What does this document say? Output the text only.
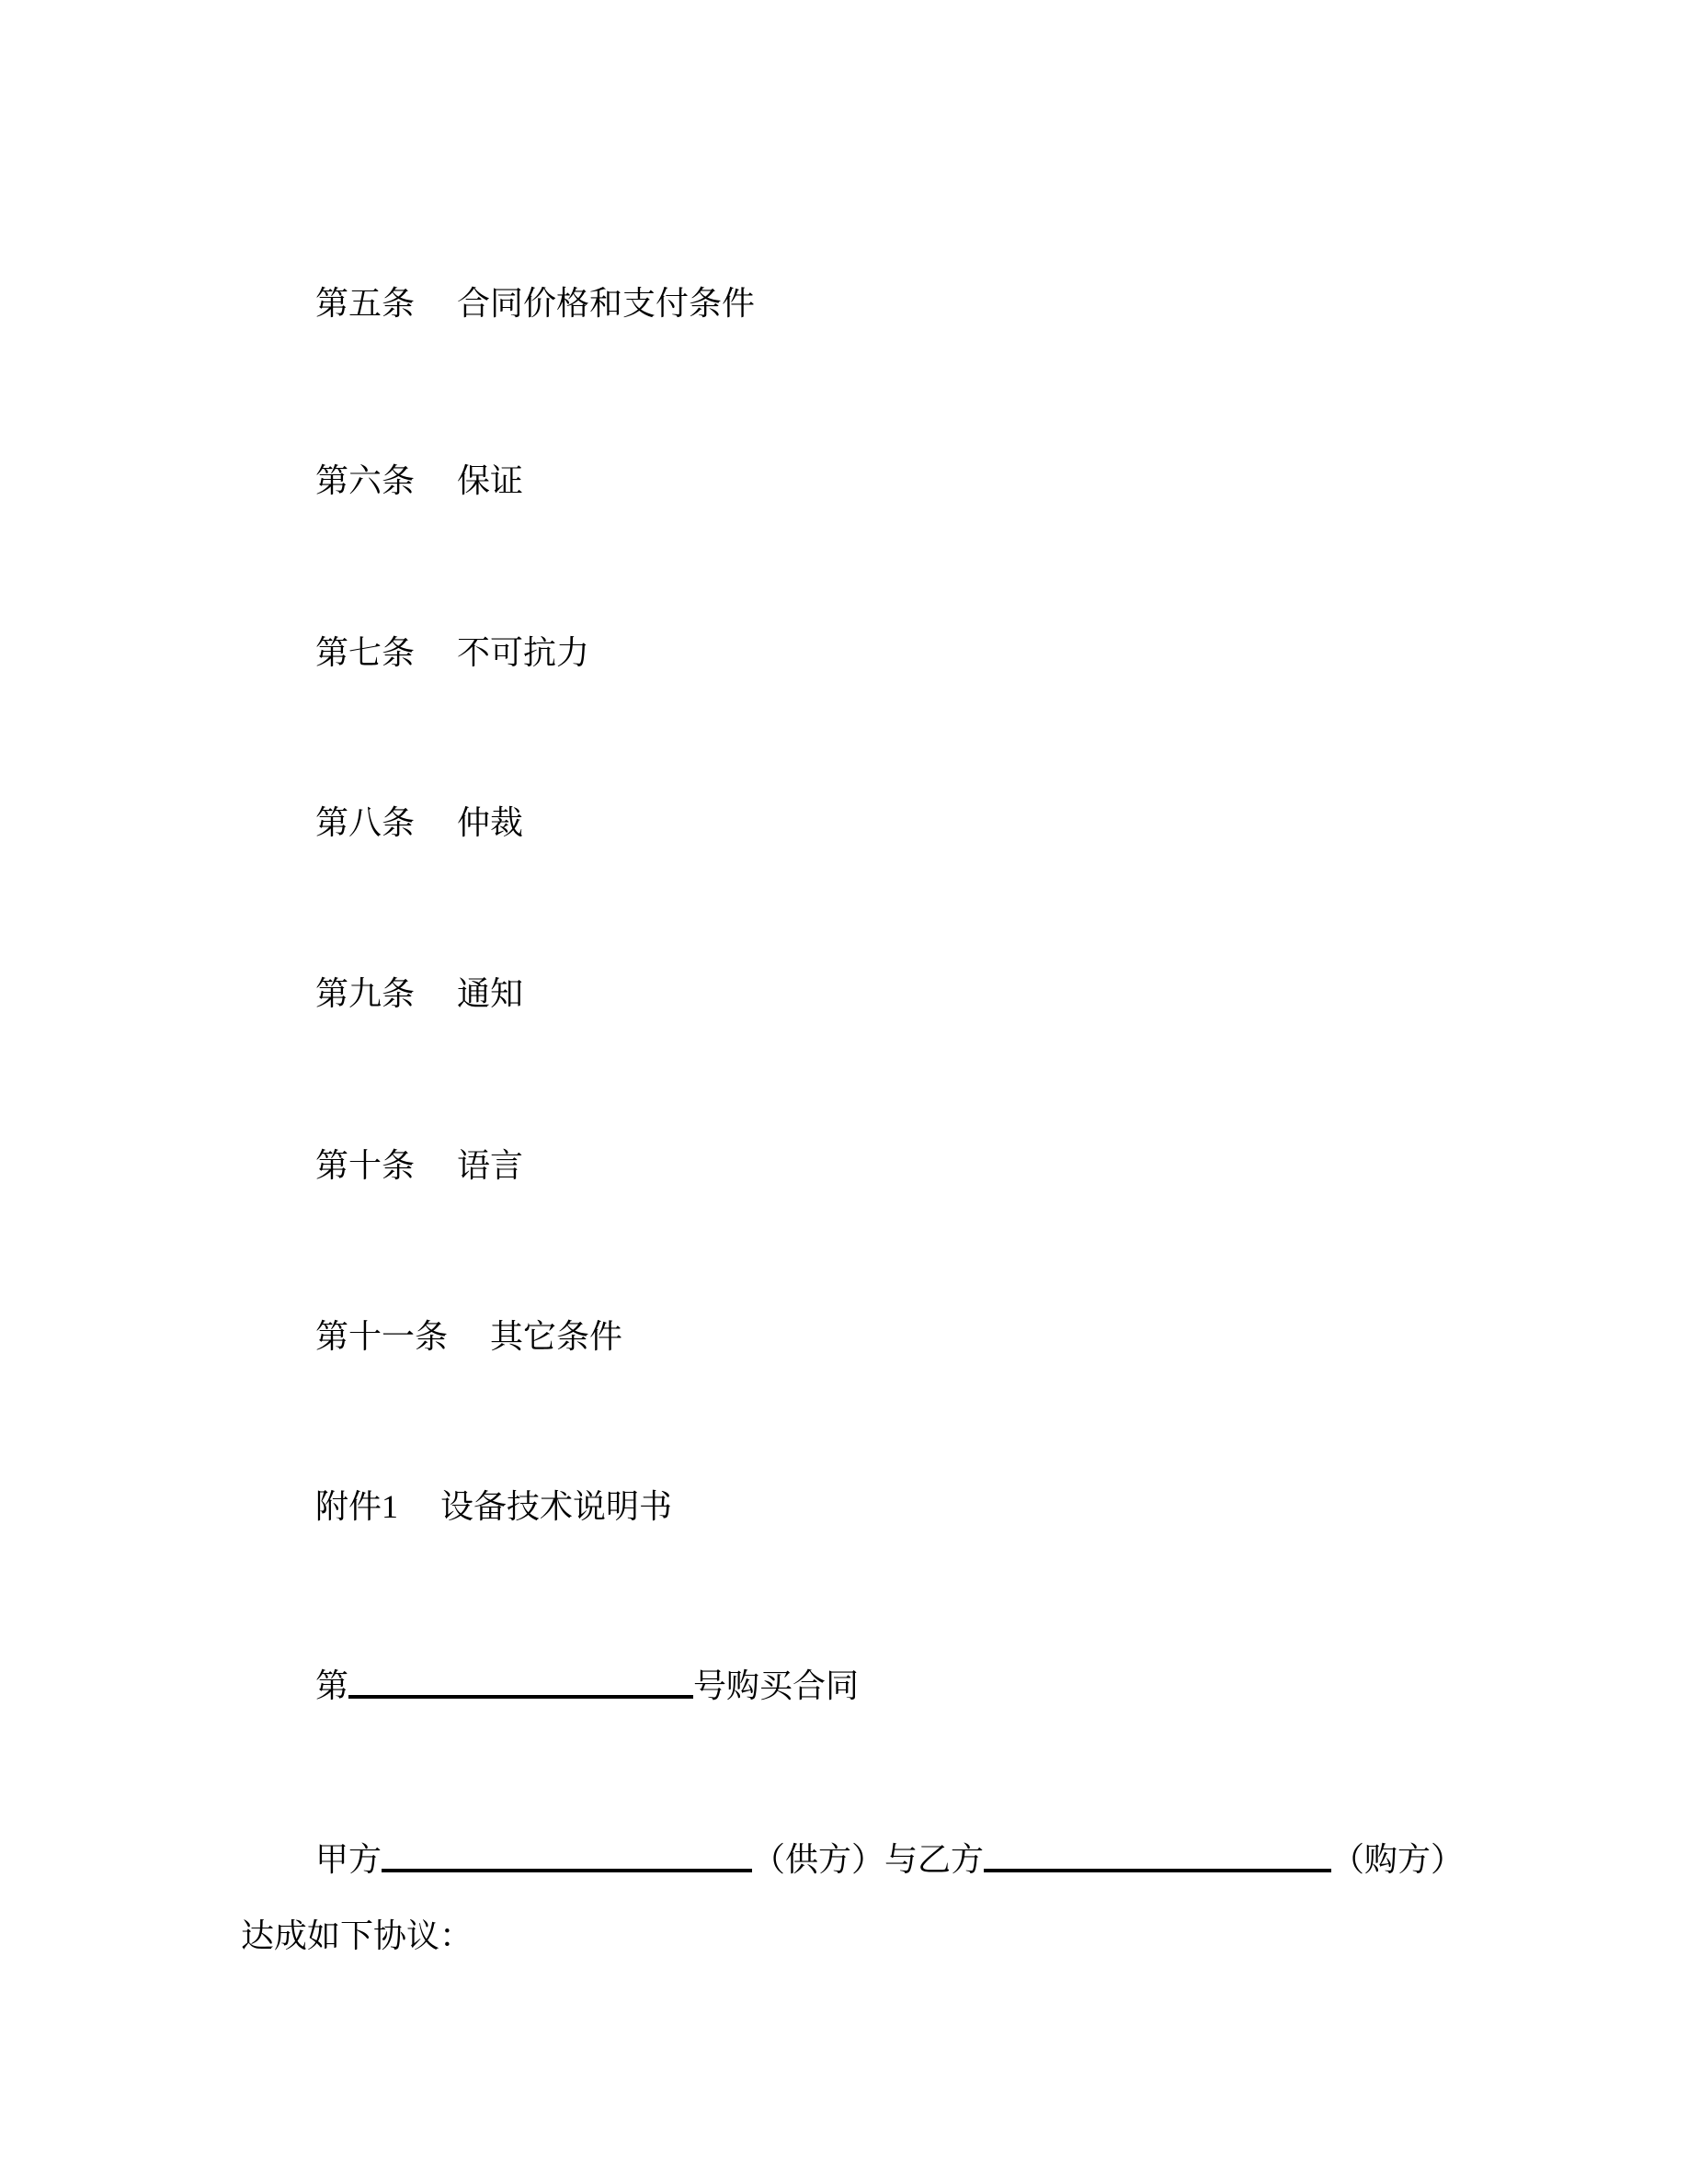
第五条 合同价格和支付条件
第六条 保证
第七条 不可抗力
第八条 仲裁
第九条 通知
第十条 语言
第十一条 其它条件
附件1 设备技术说明书
第	号购买合同
甲方	（供方）与乙方	（购方）
达成如下协议：
